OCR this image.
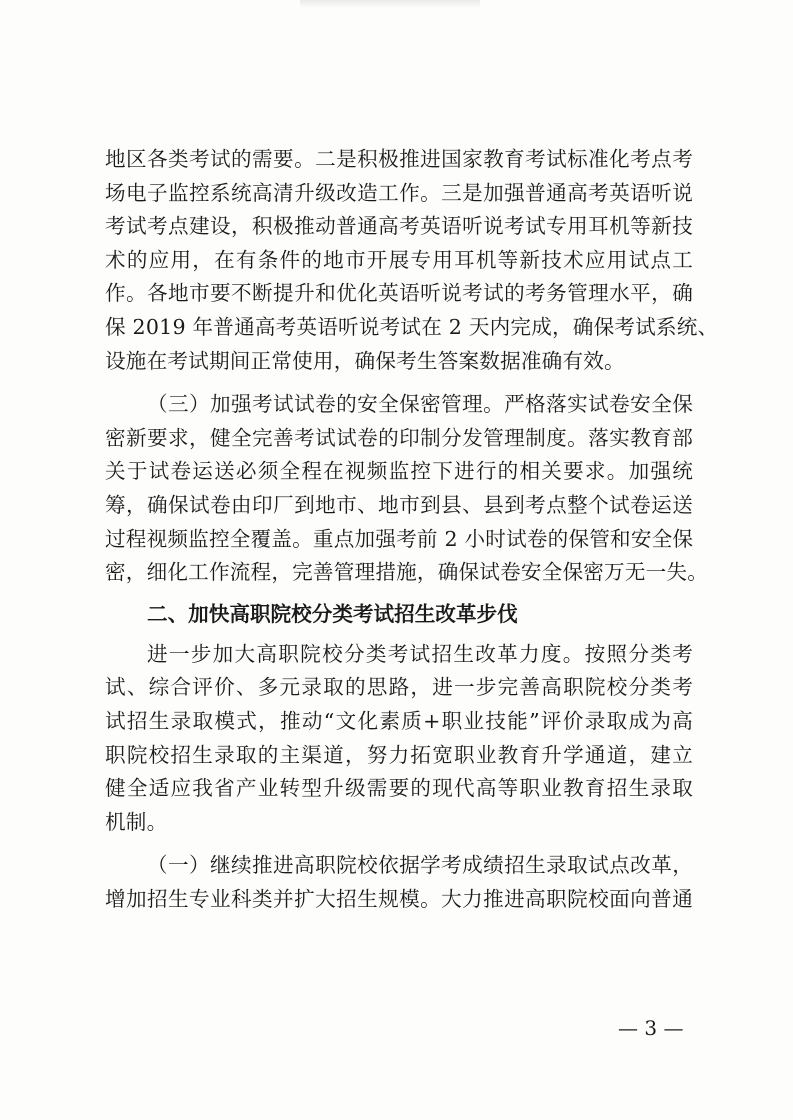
地区各类考试的需要。二是积极推进国家教育考试标准化考点考
场电子监控系统高清升级改造工作。三是加强普通高考英语听说
考试考点建设，积极推动普通高考英语听说考试专用耳机等新技
术的应用，在有条件的地市开展专用耳机等新技术应用试点工
作。各地市要不断提升和优化英语听说考试的考务管理水平，确
保 2019 年普通高考英语听说考试在 2 天内完成，确保考试系统、
设施在考试期间正常使用，确保考生答案数据准确有效。
（三）加强考试试卷的安全保密管理。严格落实试卷安全保
密新要求，健全完善考试试卷的印制分发管理制度。落实教育部
关于试卷运送必须全程在视频监控下进行的相关要求。加强统
筹，确保试卷由印厂到地市、地市到县、县到考点整个试卷运送
过程视频监控全覆盖。重点加强考前 2 小时试卷的保管和安全保
密，细化工作流程，完善管理措施，确保试卷安全保密万无一失。
二、加快高职院校分类考试招生改革步伐
进一步加大高职院校分类考试招生改革力度。按照分类考
试、综合评价、多元录取的思路，进一步完善高职院校分类考
试招生录取模式，推动“文化素质+职业技能”评价录取成为高
职院校招生录取的主渠道，努力拓宽职业教育升学通道，建立
健全适应我省产业转型升级需要的现代高等职业教育招生录取
机制。
（一）继续推进高职院校依据学考成绩招生录取试点改革，
增加招生专业科类并扩大招生规模。大力推进高职院校面向普通
— 3 —
